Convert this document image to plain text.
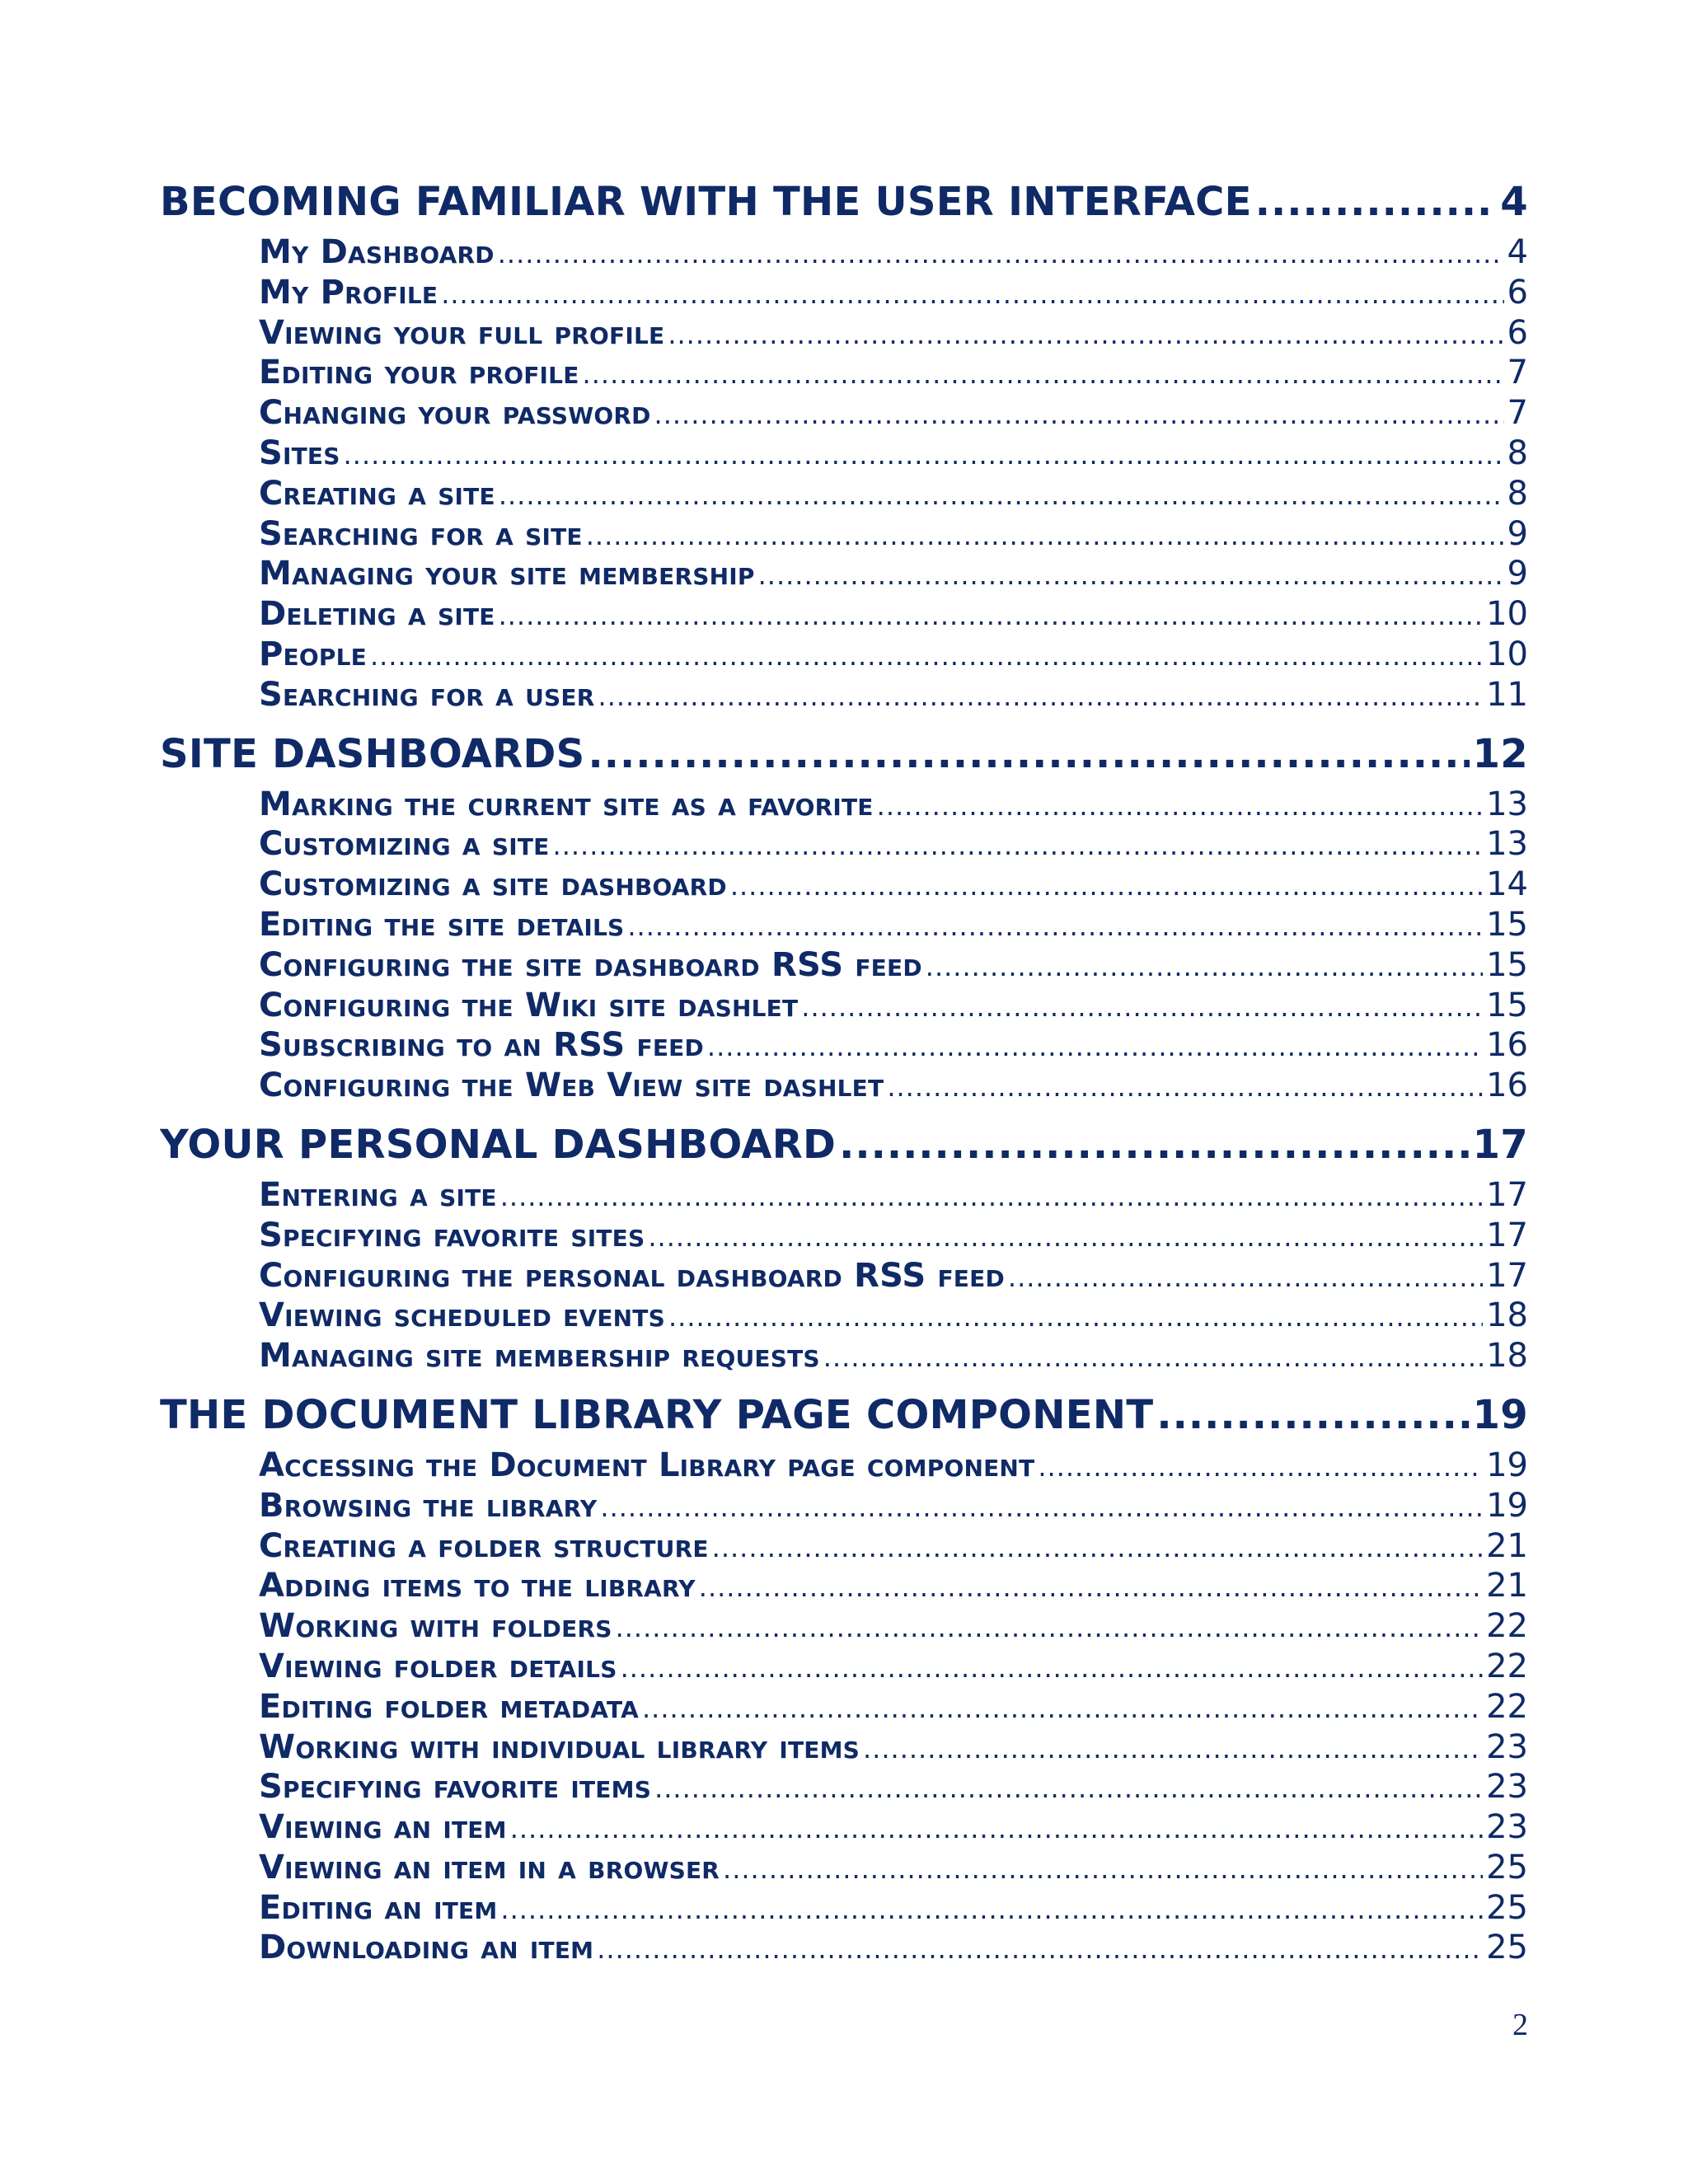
BECOMING FAMILIAR WITH THE USER INTERFACE .....	4
My Dashboard .....	4
My Profile .....	6
Viewing your full profile .....	6
Editing your profile .....	7
Changing your password .....	7
Sites .....	8
Creating a site .....	8
Searching for a site .....	9
Managing your site membership .....	9
Deleting a site .....	10
People .....	10
Searching for a user .....	11
SITE DASHBOARDS .....	12
Marking the current site as a favorite .....	13
Customizing a site .....	13
Customizing a site dashboard .....	14
Editing the site details .....	15
Configuring the site dashboard RSS feed .....	15
Configuring the Wiki site dashlet .....	15
Subscribing to an RSS feed .....	16
Configuring the Web View site dashlet .....	16
YOUR PERSONAL DASHBOARD .....	17
Entering a site .....	17
Specifying favorite sites .....	17
Configuring the personal dashboard RSS feed .....	17
Viewing scheduled events .....	18
Managing site membership requests .....	18
THE DOCUMENT LIBRARY PAGE COMPONENT .....	19
Accessing the Document Library page component .....	19
Browsing the library .....	19
Creating a folder structure .....	21
Adding items to the library .....	21
Working with folders .....	22
Viewing folder details .....	22
Editing folder metadata .....	22
Working with individual library items .....	23
Specifying favorite items .....	23
Viewing an item .....	23
Viewing an item in a browser .....	25
Editing an item .....	25
Downloading an item .....	25
2
